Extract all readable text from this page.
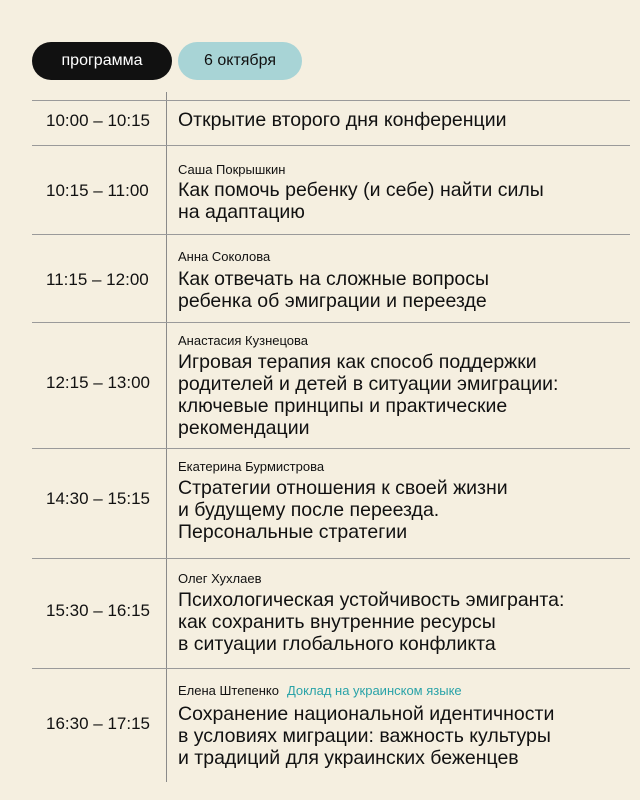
программа	6 октября
10:00 – 10:15 Открытие второго дня конференции
Саша Покрышкин
10:15 – 11:00 Как помочь ребенку (и себе) найти силы
на адаптацию
Анна Соколова
11:15 – 12:00 Как отвечать на сложные вопросы
ребенка об эмиграции и переезде
Анастасия Кузнецова
12:15 – 13:00
Игровая терапия как способ поддержки
родителей и детей в ситуации эмиграции:
ключевые принципы и практические
рекомендации
Екатерина Бурмистрова
14:30 – 15:15 Стратегии отношения к своей жизни
и будущему после переезда.
Персональные стратегии
Олег Хухлаев
15:30 – 16:15 Психологическая устойчивость эмигранта:
как сохранить внутренние ресурсы
в ситуации глобального конфликта
Елена Штепенко Доклад на украинском языке
16:30 – 17:15 Сохранение национальной идентичности
в условиях миграции: важность культуры
и традиций для украинских беженцев
